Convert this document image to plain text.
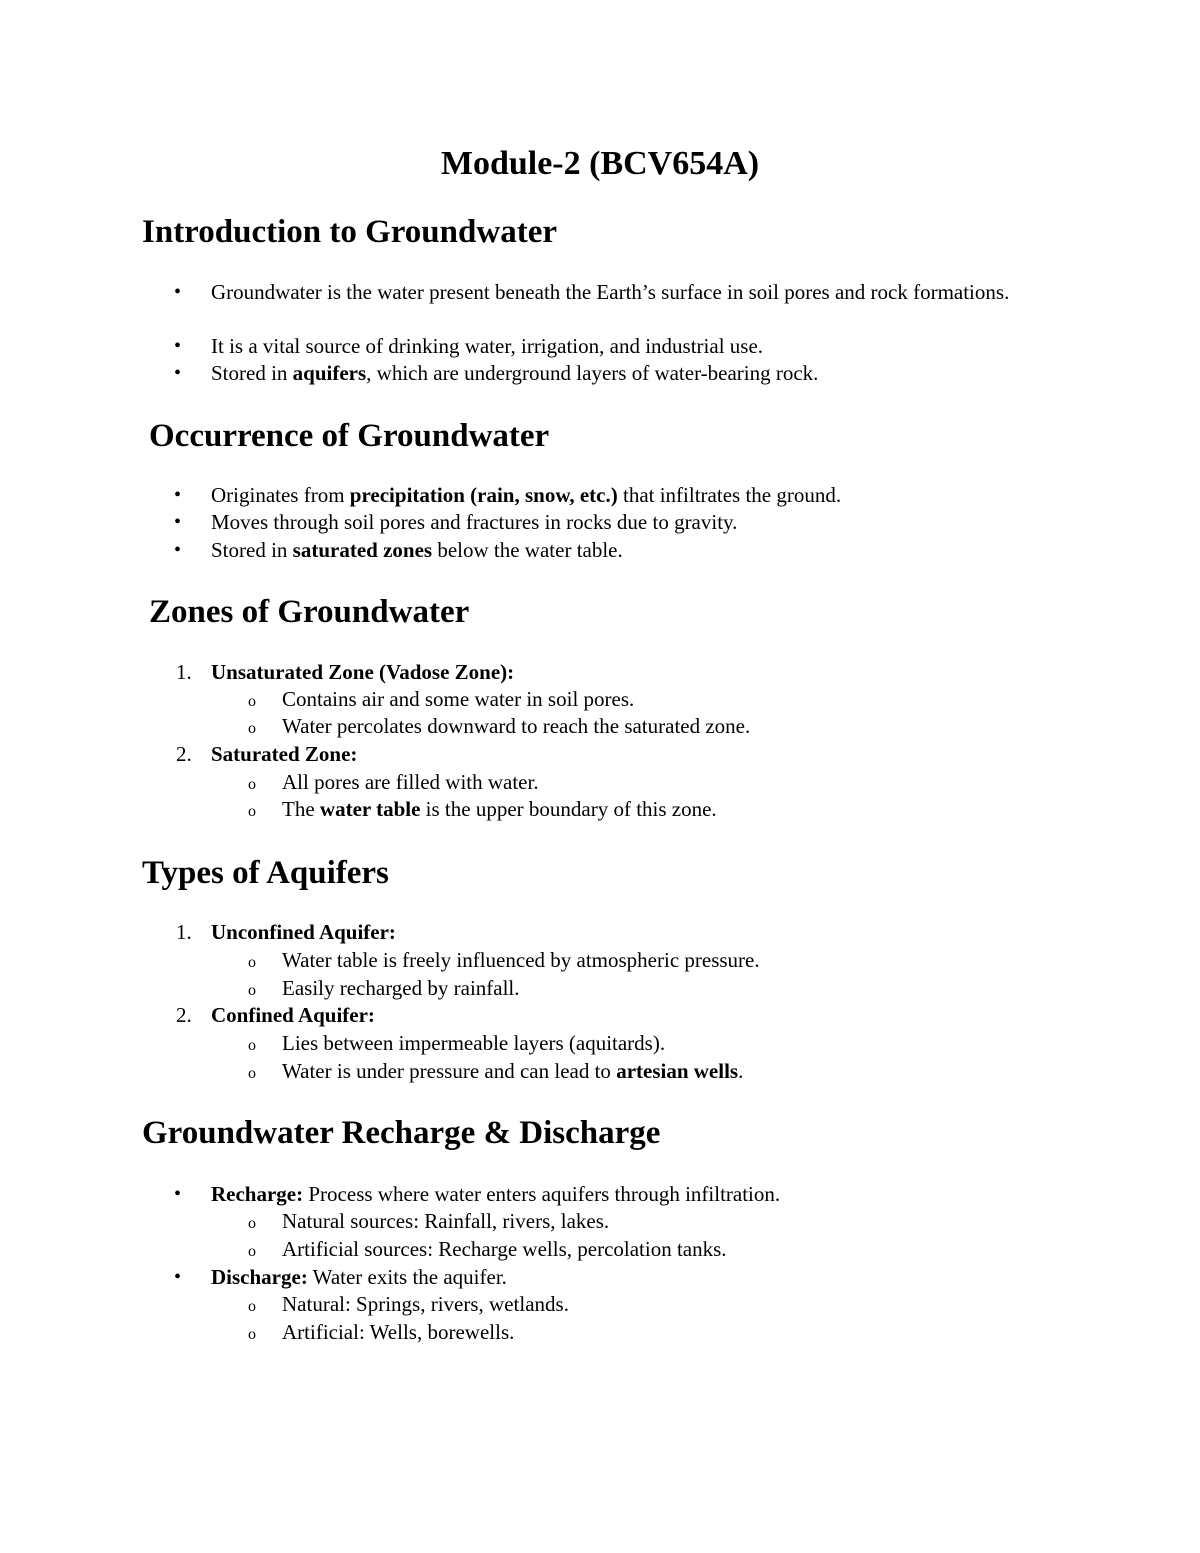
Module-2 (BCV654A)
Introduction to Groundwater
• Groundwater is the water present beneath the Earth’s surface in soil pores and rock formations.

• It is a vital source of drinking water, irrigation, and industrial use.

• Stored in aquifers, which are underground layers of water-bearing rock.

Occurrence of Groundwater
• Originates from precipitation (rain, snow, etc.) that infiltrates the ground.

• Moves through soil pores and fractures in rocks due to gravity.

• Stored in saturated zones below the water table.

Zones of Groundwater
1. Unsaturated Zone (Vadose Zone):

o Contains air and some water in soil pores.

o Water percolates downward to reach the saturated zone.

2. Saturated Zone:

o All pores are filled with water.

o The water table is the upper boundary of this zone.

Types of Aquifers
1. Unconfined Aquifer:

o Water table is freely influenced by atmospheric pressure.

o Easily recharged by rainfall.

2. Confined Aquifer:

o Lies between impermeable layers (aquitards).

o Water is under pressure and can lead to artesian wells.

Groundwater Recharge & Discharge
• Recharge: Process where water enters aquifers through infiltration.

o Natural sources: Rainfall, rivers, lakes.

o Artificial sources: Recharge wells, percolation tanks.

• Discharge: Water exits the aquifer.

o Natural: Springs, rivers, wetlands.

o Artificial: Wells, borewells.
